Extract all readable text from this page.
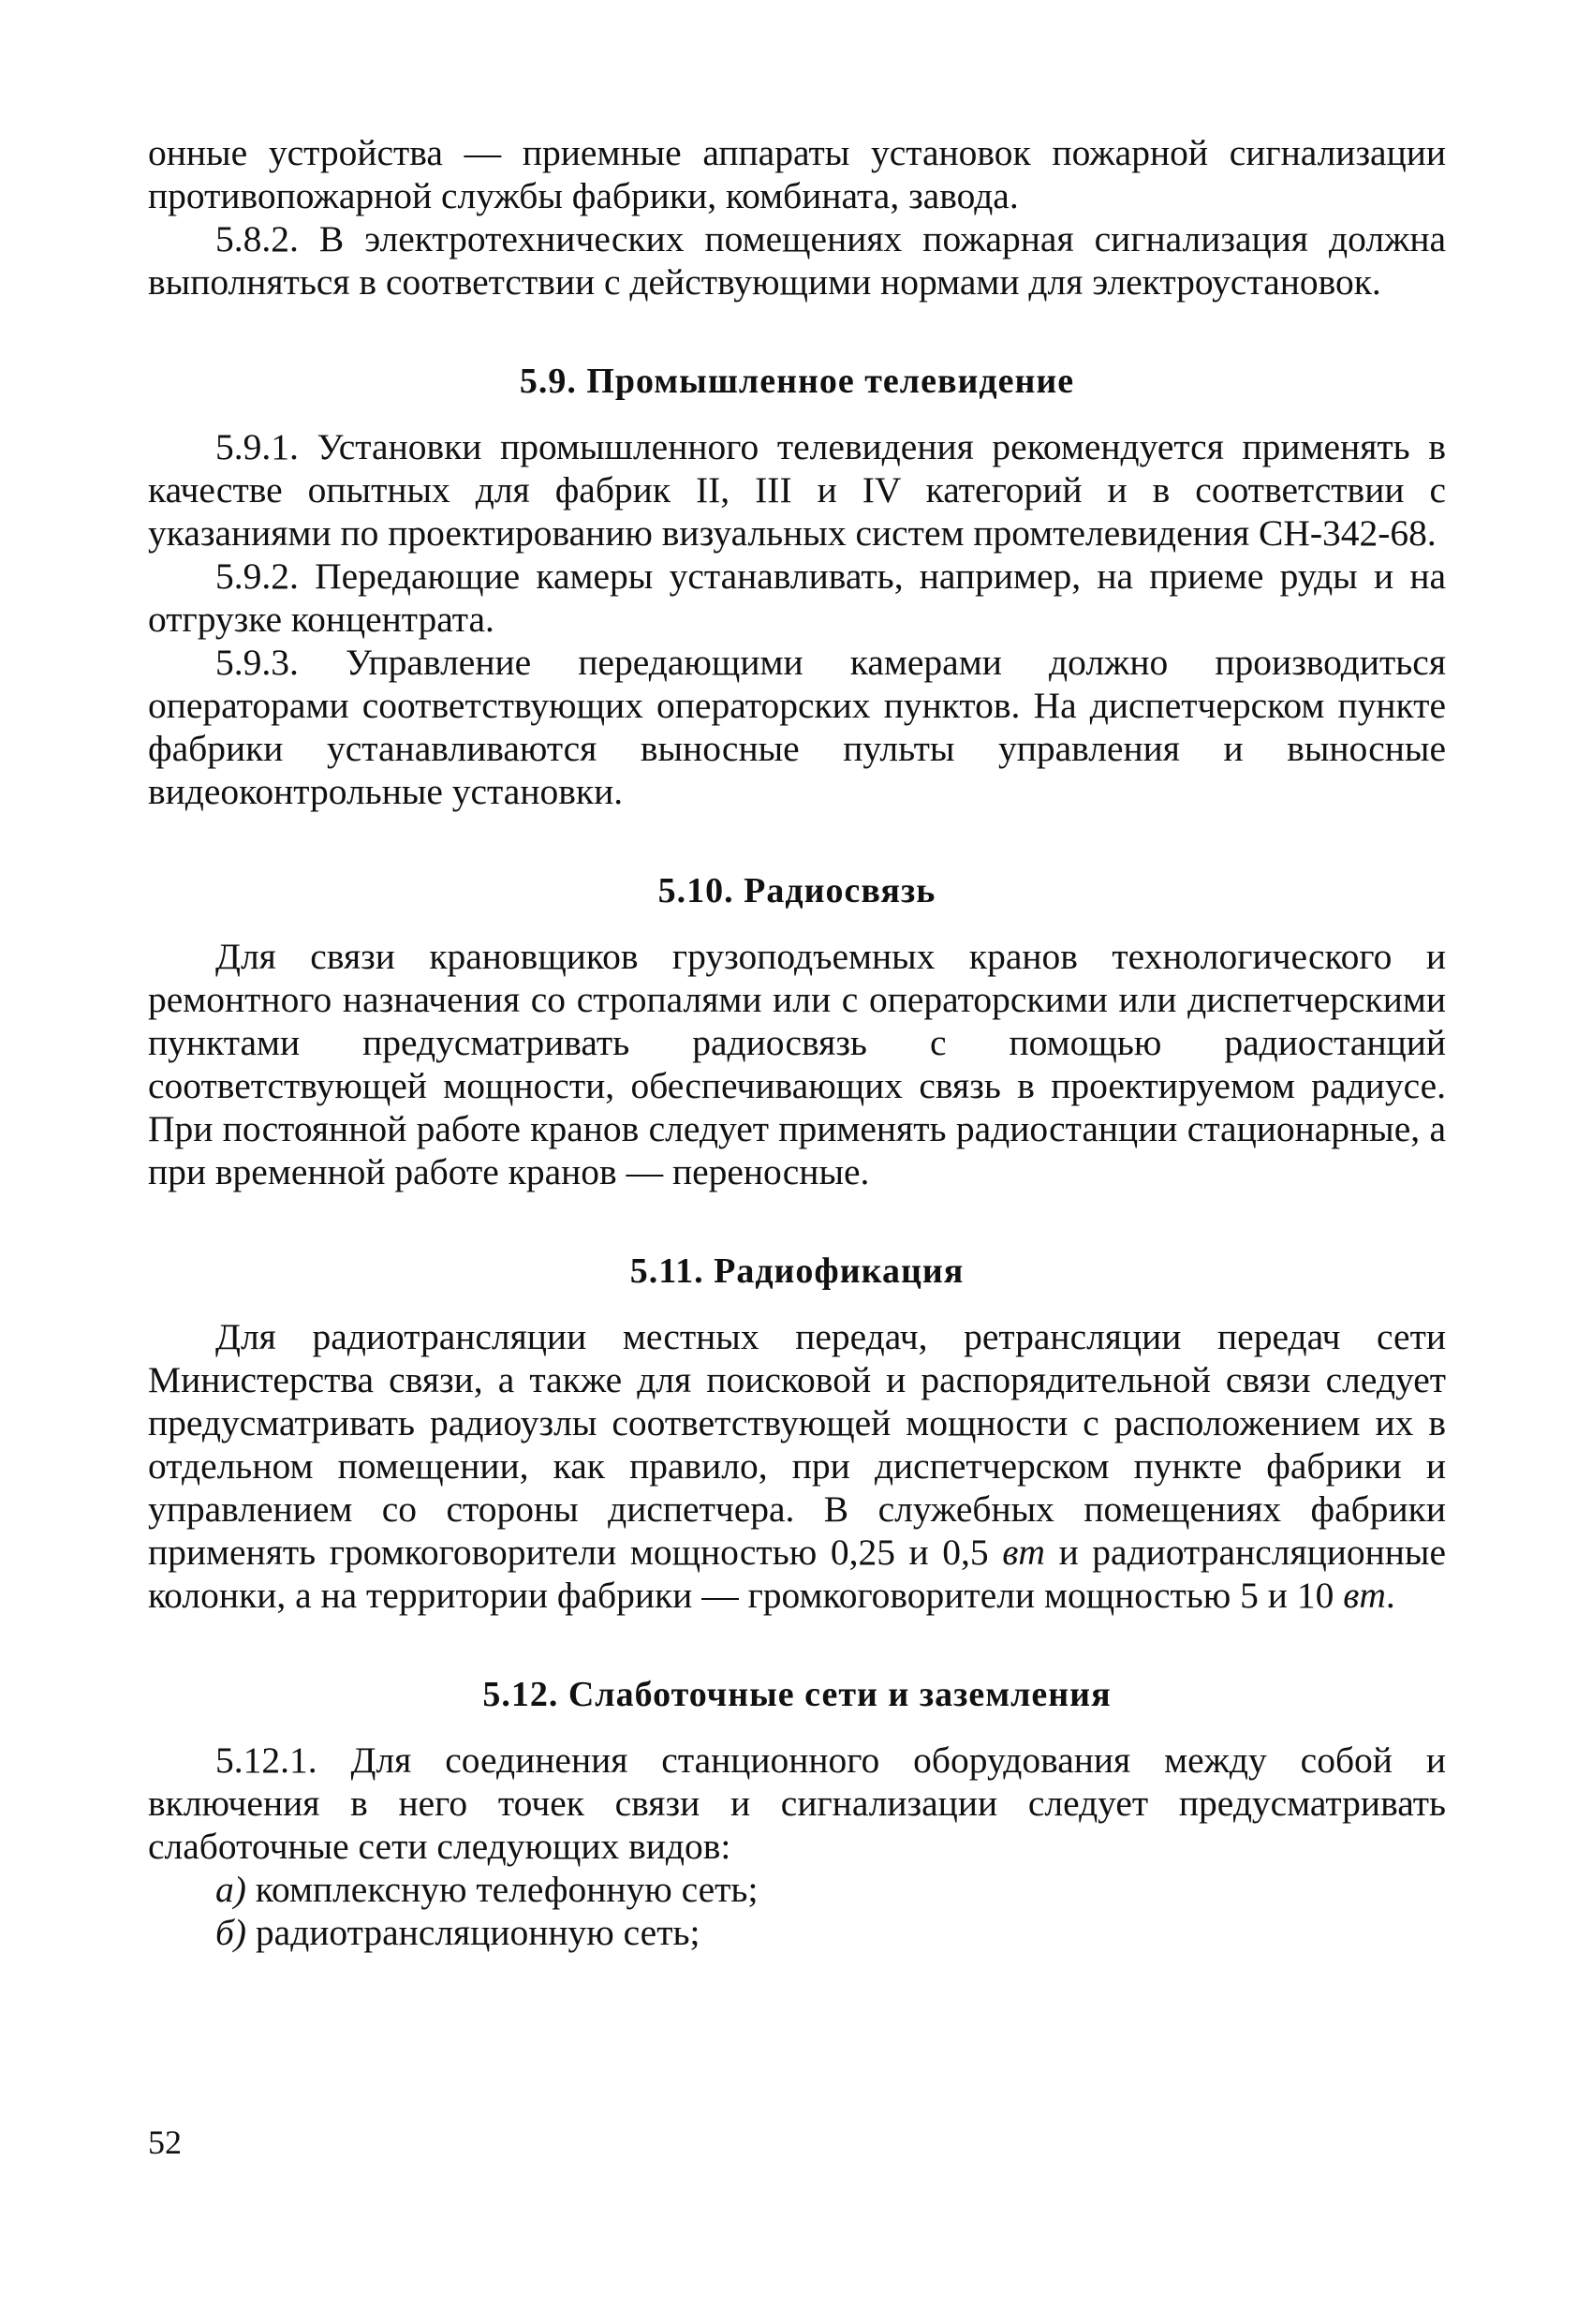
онные устройства — приемные аппараты установок пожарной сигнализации противопожарной службы фабрики, комбината, завода.

5.8.2. В электротехнических помещениях пожарная сигнализация должна выполняться в соответствии с действующими нормами для электроустановок.

5.9. Промышленное телевидение

5.9.1. Установки промышленного телевидения рекомендуется применять в качестве опытных для фабрик II, III и IV категорий и в соответствии с указаниями по проектированию визуальных систем промтелевидения СН-342-68.

5.9.2. Передающие камеры устанавливать, например, на приеме руды и на отгрузке концентрата.

5.9.3. Управление передающими камерами должно производиться операторами соответствующих операторских пунктов. На диспетчерском пункте фабрики устанавливаются выносные пульты управления и выносные видеоконтрольные установки.

5.10. Радиосвязь

Для связи крановщиков грузоподъемных кранов технологического и ремонтного назначения со стропалями или с операторскими или диспетчерскими пунктами предусматривать радиосвязь с помощью радиостанций соответствующей мощности, обеспечивающих связь в проектируемом радиусе. При постоянной работе кранов следует применять радиостанции стационарные, а при временной работе кранов — переносные.

5.11. Радиофикация

Для радиотрансляции местных передач, ретрансляции передач сети Министерства связи, а также для поисковой и распорядительной связи следует предусматривать радиоузлы соответствующей мощности с расположением их в отдельном помещении, как правило, при диспетчерском пункте фабрики и управлением со стороны диспетчера. В служебных помещениях фабрики применять громкоговорители мощностью 0,25 и 0,5 вт и радиотрансляционные колонки, а на территории фабрики — громкоговорители мощностью 5 и 10 вт.

5.12. Слаботочные сети и заземления

5.12.1. Для соединения станционного оборудования между собой и включения в него точек связи и сигнализации следует предусматривать слаботочные сети следующих видов:

а) комплексную телефонную сеть;

б) радиотрансляционную сеть;

52
